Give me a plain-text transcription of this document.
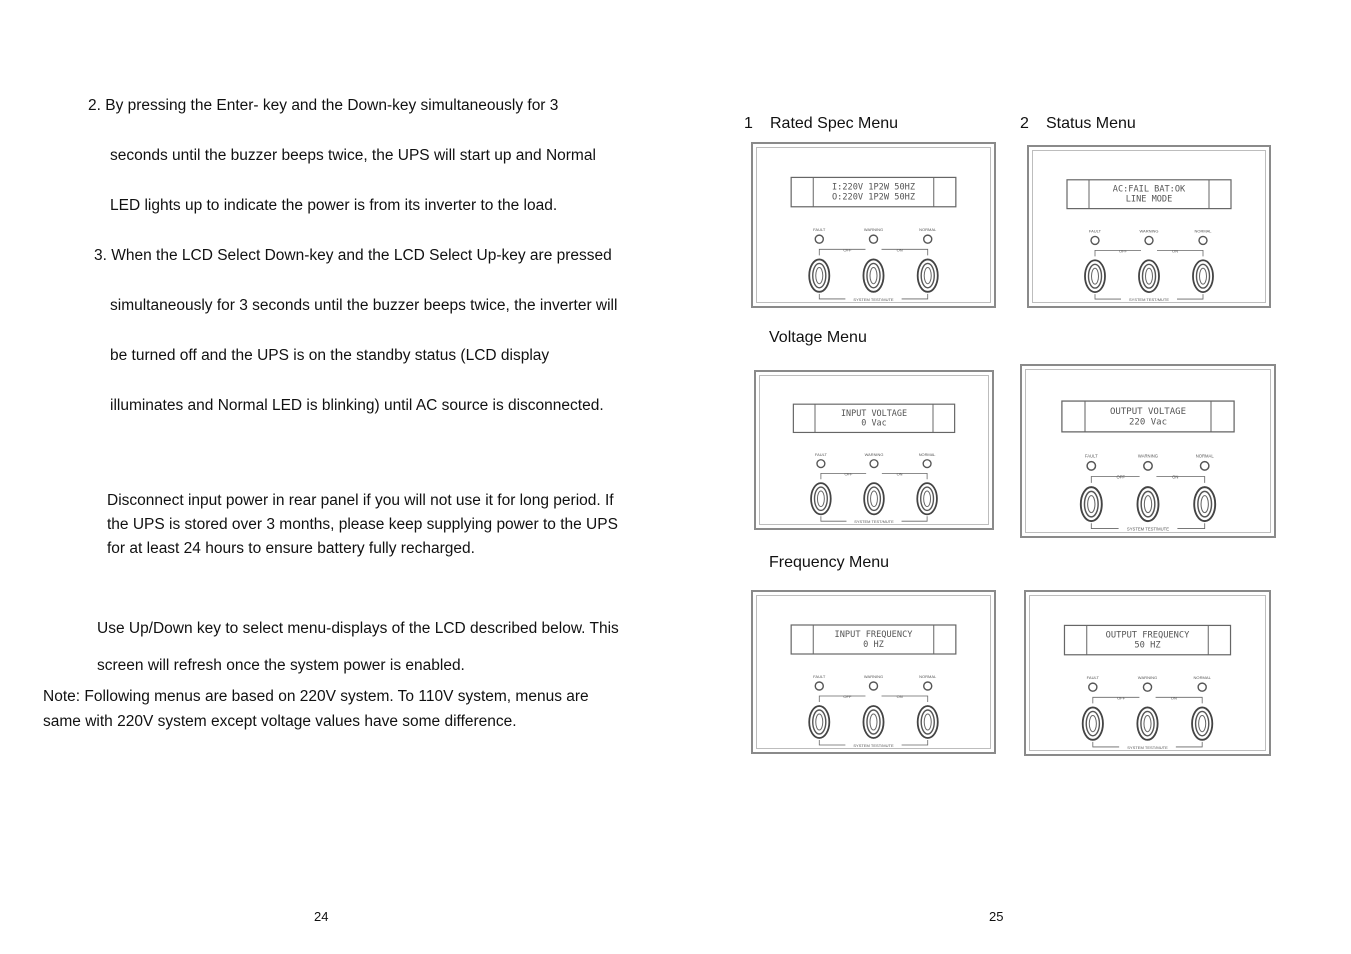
2. By pressing the Enter- key and the Down-key simultaneously for 3
seconds until the buzzer beeps twice, the UPS will start up and Normal
LED lights up to indicate the power is from its inverter to the load.
3. When the LCD Select Down-key and the LCD Select Up-key are pressed
simultaneously for 3 seconds until the buzzer beeps twice, the inverter will
be turned off and the UPS is on the standby status (LCD display
illuminates and Normal LED is blinking) until AC source is disconnected.
Disconnect input power in rear panel if you will not use it for long period. If
the UPS is stored over 3 months, please keep supplying power to the UPS
for at least 24 hours to ensure battery fully recharged.
Use Up/Down key to select menu-displays of the LCD described below. This
screen will refresh once the system power is enabled.
Note: Following menus are based on 220V system. To 110V system, menus are
same with 220V system except voltage values have some difference.
24
1 Rated Spec Menu	2 Status Menu
Voltage Menu
Frequency Menu
I:220V 1P2W 50HZ
O:220V 1P2W 50HZ
FAULT	WARNING	NORMAL
OFF	ON
SYSTEM TEST/MUTE
AC:FAIL BAT:OK
LINE MODE
FAULT	WARNING	NORMAL
OFF	ON
SYSTEM TEST/MUTE
INPUT VOLTAGE
0 Vac
FAULT	WARNING	NORMAL
OFF	ON
SYSTEM TEST/MUTE
OUTPUT VOLTAGE
220 Vac
FAULT	WARNING	NORMAL
OFF	ON
SYSTEM TEST/MUTE
INPUT FREQUENCY
0 HZ
FAULT	WARNING	NORMAL
OFF	ON
SYSTEM TEST/MUTE
OUTPUT FREQUENCY
50 HZ
FAULT	WARNING	NORMAL
OFF	ON
SYSTEM TEST/MUTE
25
